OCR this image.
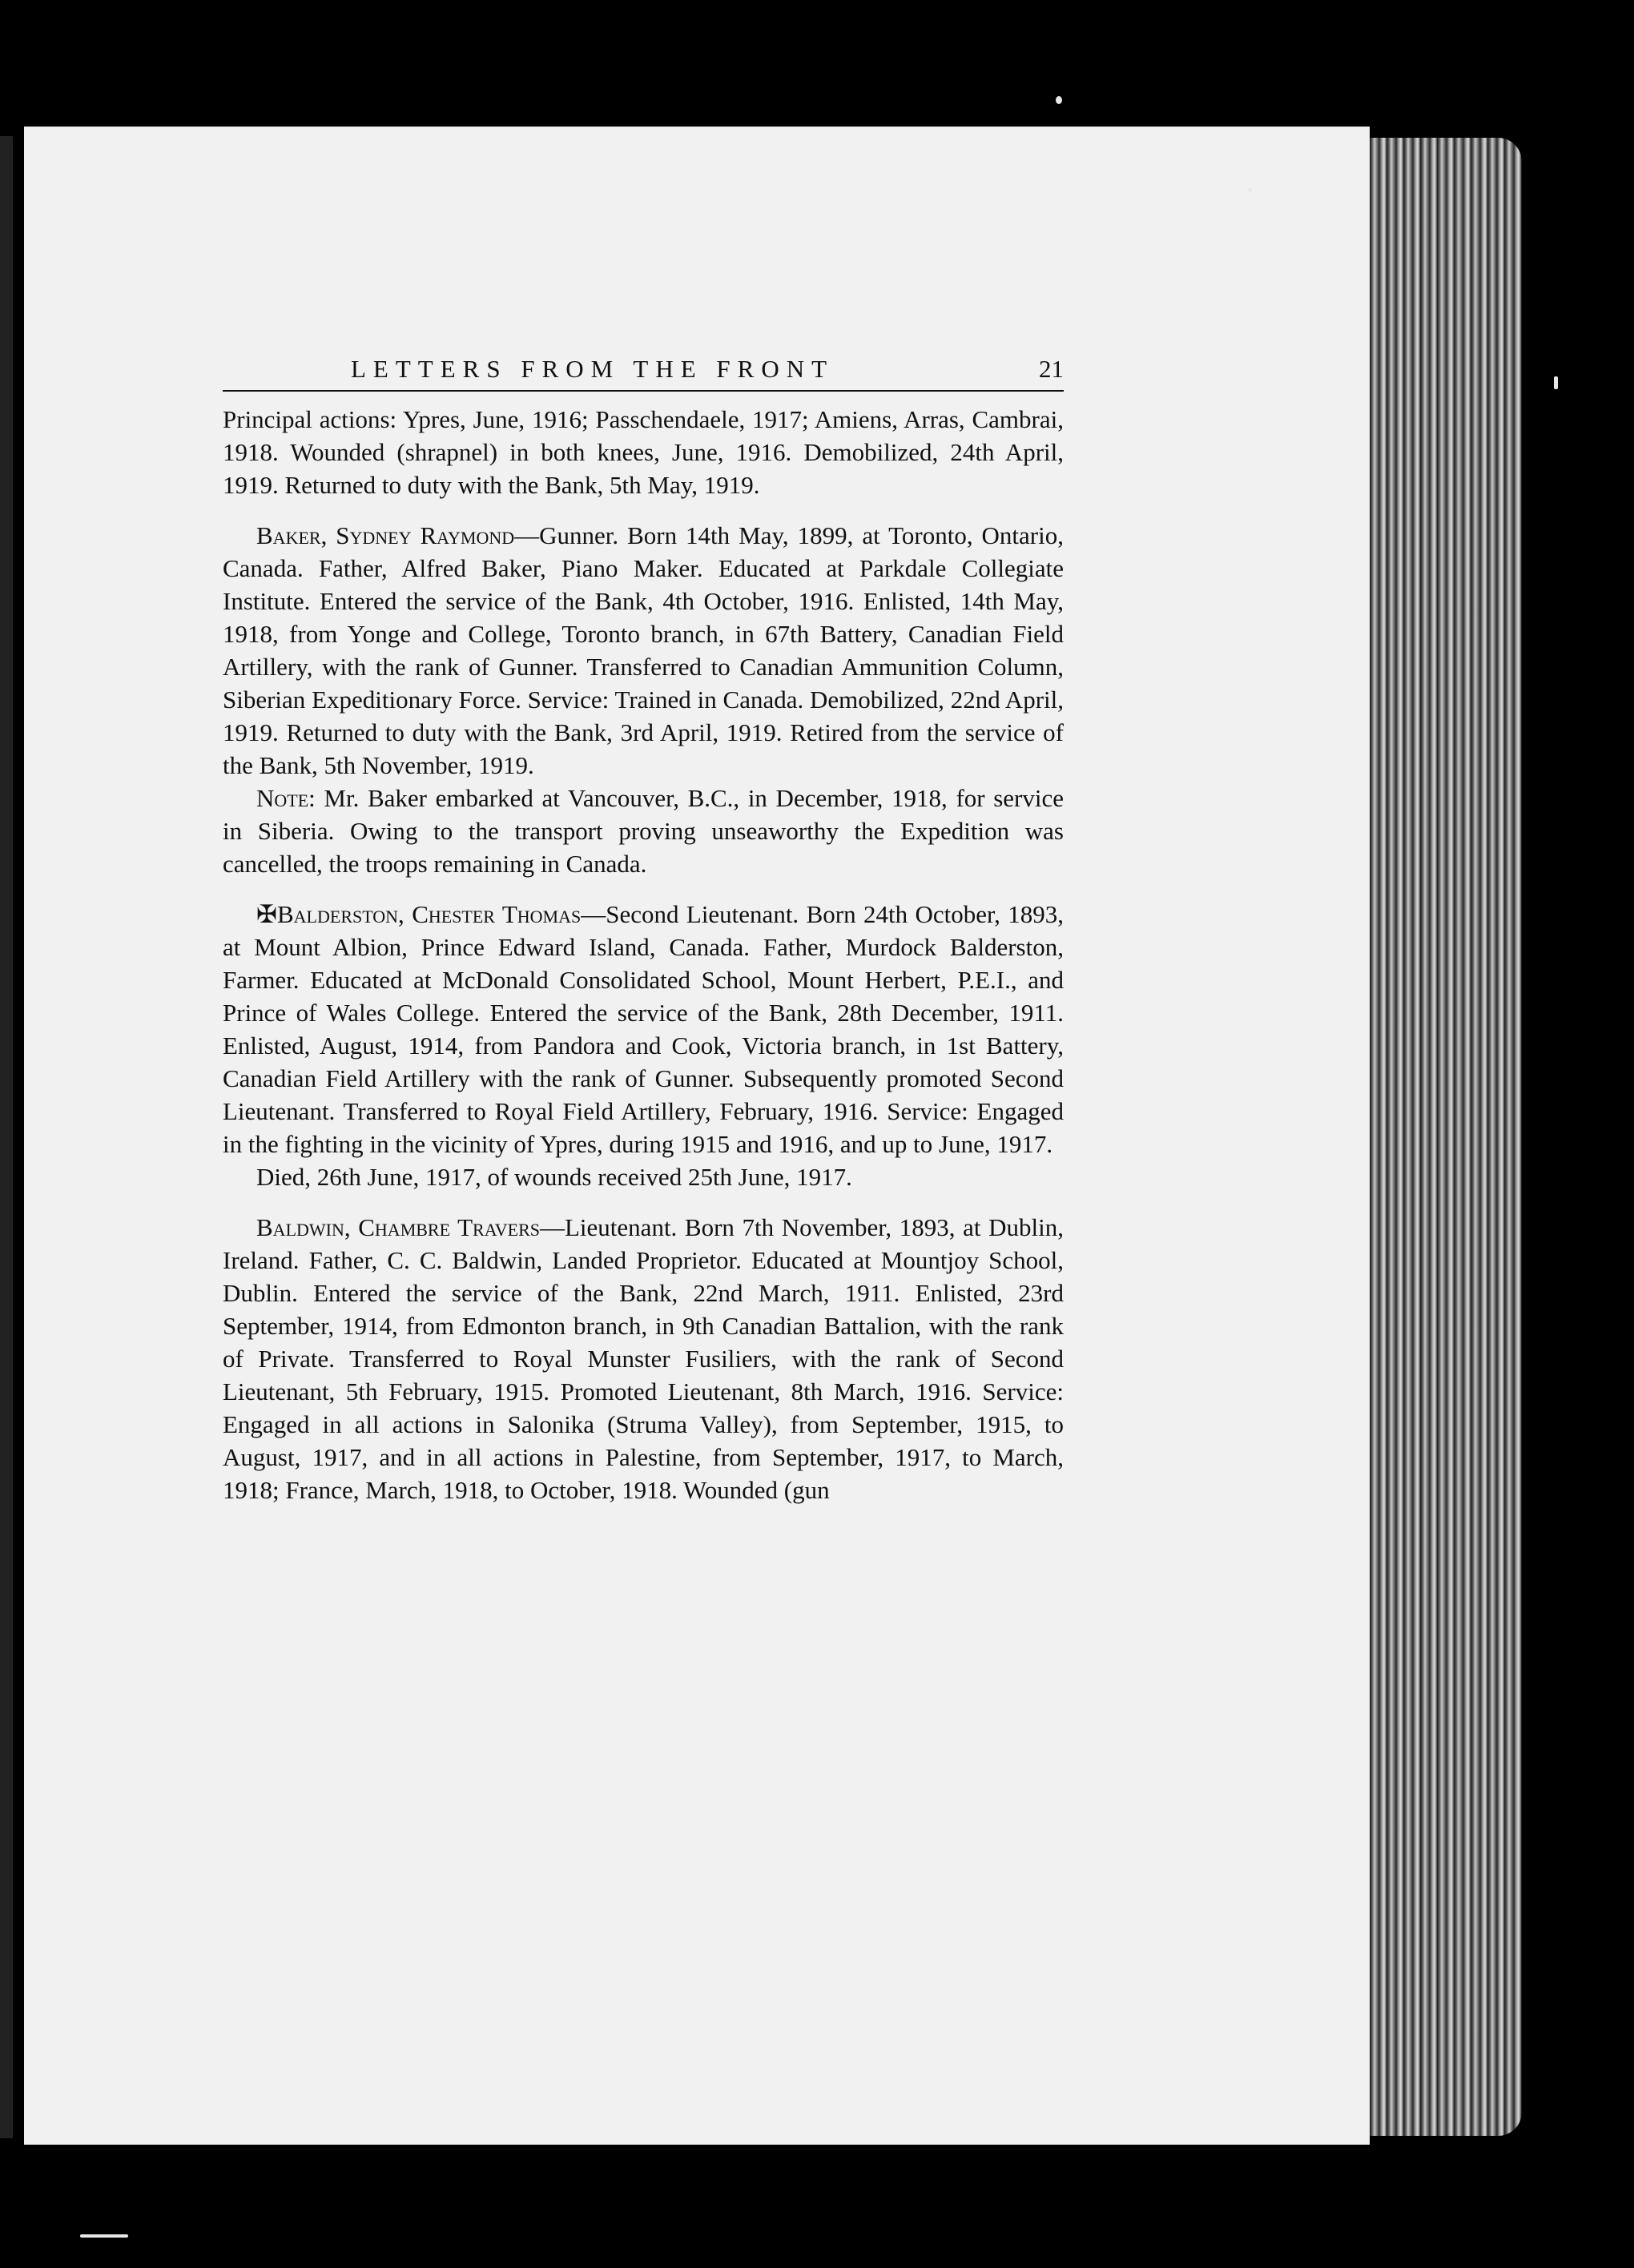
LETTERS FROM THE FRONT	21

Principal actions: Ypres, June, 1916; Passchendaele, 1917; Amiens, Arras, Cambrai, 1918. Wounded (shrapnel) in both knees, June, 1916. Demobilized, 24th April, 1919. Returned to duty with the Bank, 5th May, 1919.

Baker, Sydney Raymond—Gunner. Born 14th May, 1899, at Toronto, Ontario, Canada. Father, Alfred Baker, Piano Maker. Educated at Parkdale Collegiate Institute. Entered the service of the Bank, 4th October, 1916. Enlisted, 14th May, 1918, from Yonge and College, Toronto branch, in 67th Battery, Canadian Field Artillery, with the rank of Gunner. Transferred to Canadian Ammunition Column, Siberian Expeditionary Force. Service: Trained in Canada. Demobilized, 22nd April, 1919. Returned to duty with the Bank, 3rd April, 1919. Retired from the service of the Bank, 5th November, 1919.

Note: Mr. Baker embarked at Vancouver, B.C., in December, 1918, for service in Siberia. Owing to the transport proving unseaworthy the Expedition was cancelled, the troops remaining in Canada.

✠Balderston, Chester Thomas—Second Lieutenant. Born 24th October, 1893, at Mount Albion, Prince Edward Island, Canada. Father, Murdock Balderston, Farmer. Educated at McDonald Consolidated School, Mount Herbert, P.E.I., and Prince of Wales College. Entered the service of the Bank, 28th December, 1911. Enlisted, August, 1914, from Pandora and Cook, Victoria branch, in 1st Battery, Canadian Field Artillery with the rank of Gunner. Subsequently promoted Second Lieutenant. Transferred to Royal Field Artillery, February, 1916. Service: Engaged in the fighting in the vicinity of Ypres, during 1915 and 1916, and up to June, 1917.

Died, 26th June, 1917, of wounds received 25th June, 1917.

Baldwin, Chambre Travers—Lieutenant. Born 7th November, 1893, at Dublin, Ireland. Father, C. C. Baldwin, Landed Proprietor. Educated at Mountjoy School, Dublin. Entered the service of the Bank, 22nd March, 1911. Enlisted, 23rd September, 1914, from Edmonton branch, in 9th Canadian Battalion, with the rank of Private. Transferred to Royal Munster Fusiliers, with the rank of Second Lieutenant, 5th February, 1915. Promoted Lieutenant, 8th March, 1916. Service: Engaged in all actions in Salonika (Struma Valley), from September, 1915, to August, 1917, and in all actions in Palestine, from September, 1917, to March, 1918; France, March, 1918, to October, 1918. Wounded (gun
